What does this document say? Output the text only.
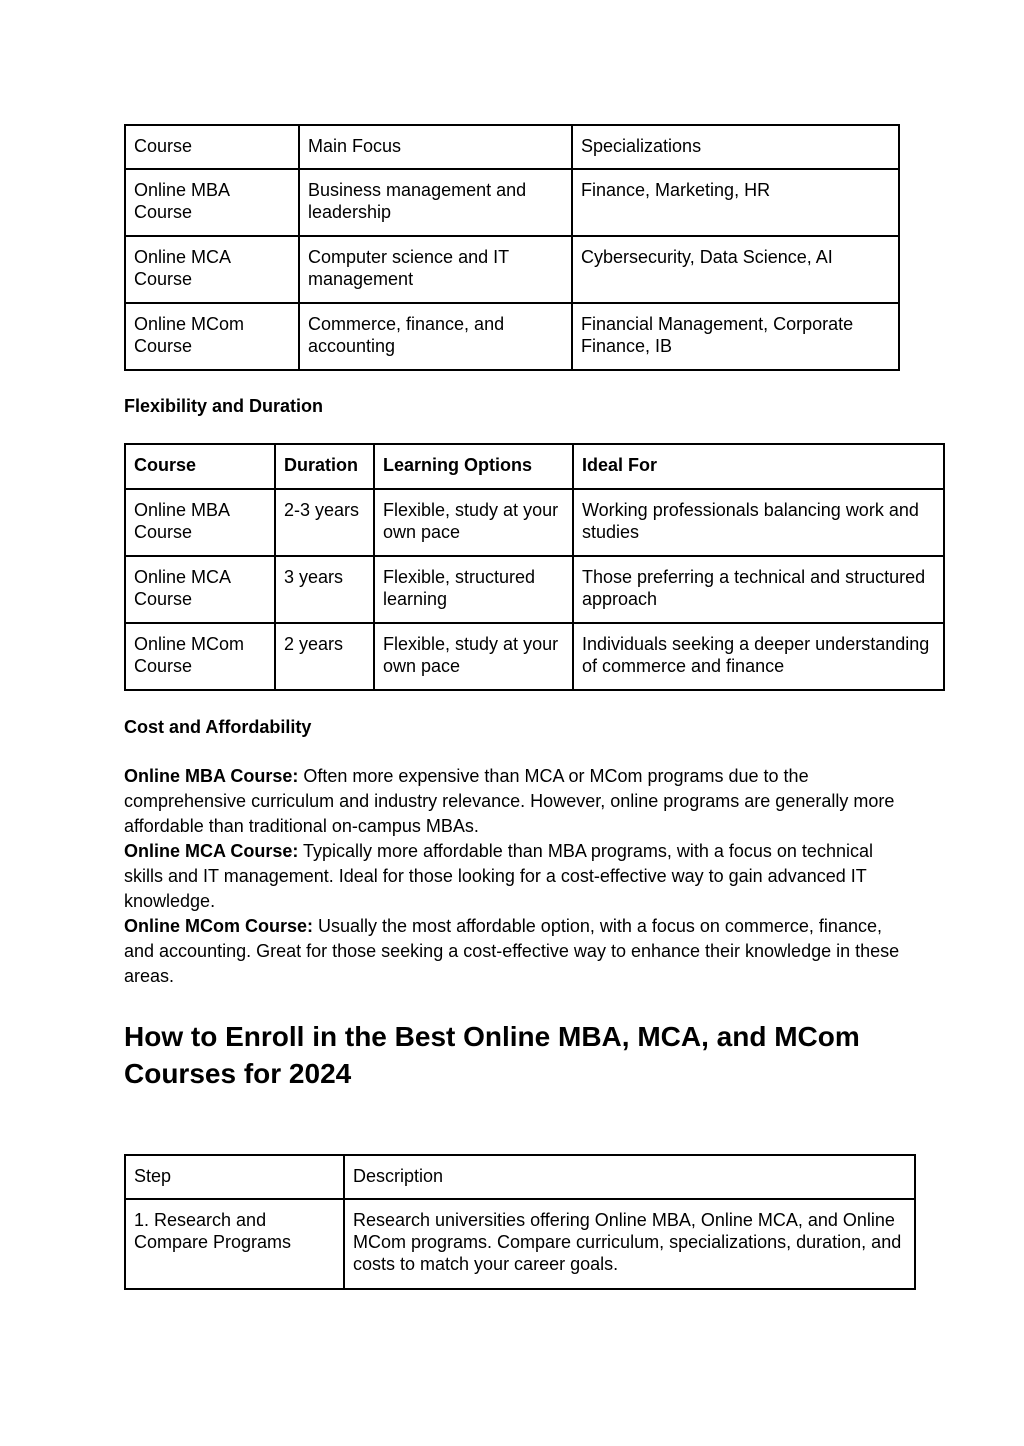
Course	Main Focus	Specializations
Online MBA Course	Business management and leadership	Finance, Marketing, HR
Online MCA Course	Computer science and IT management	Cybersecurity, Data Science, AI
Online MCom Course	Commerce, finance, and accounting	Financial Management, Corporate Finance, IB
Flexibility and Duration
Course	Duration	Learning Options	Ideal For
Online MBA Course	2-3 years	Flexible, study at your own pace	Working professionals balancing work and studies
Online MCA Course	3 years	Flexible, structured learning	Those preferring a technical and structured approach
Online MCom Course	2 years	Flexible, study at your own pace	Individuals seeking a deeper understanding of commerce and finance
Cost and Affordability

Online MBA Course: Often more expensive than MCA or MCom programs due to the comprehensive curriculum and industry relevance. However, online programs are generally more affordable than traditional on-campus MBAs.

Online MCA Course: Typically more affordable than MBA programs, with a focus on technical skills and IT management. Ideal for those looking for a cost-effective way to gain advanced IT knowledge.

Online MCom Course: Usually the most affordable option, with a focus on commerce, finance, and accounting. Great for those seeking a cost-effective way to enhance their knowledge in these areas.

How to Enroll in the Best Online MBA, MCA, and MCom Courses for 2024
Step	Description
1. Research and Compare Programs	Research universities offering Online MBA, Online MCA, and Online MCom programs. Compare curriculum, specializations, duration, and costs to match your career goals.
